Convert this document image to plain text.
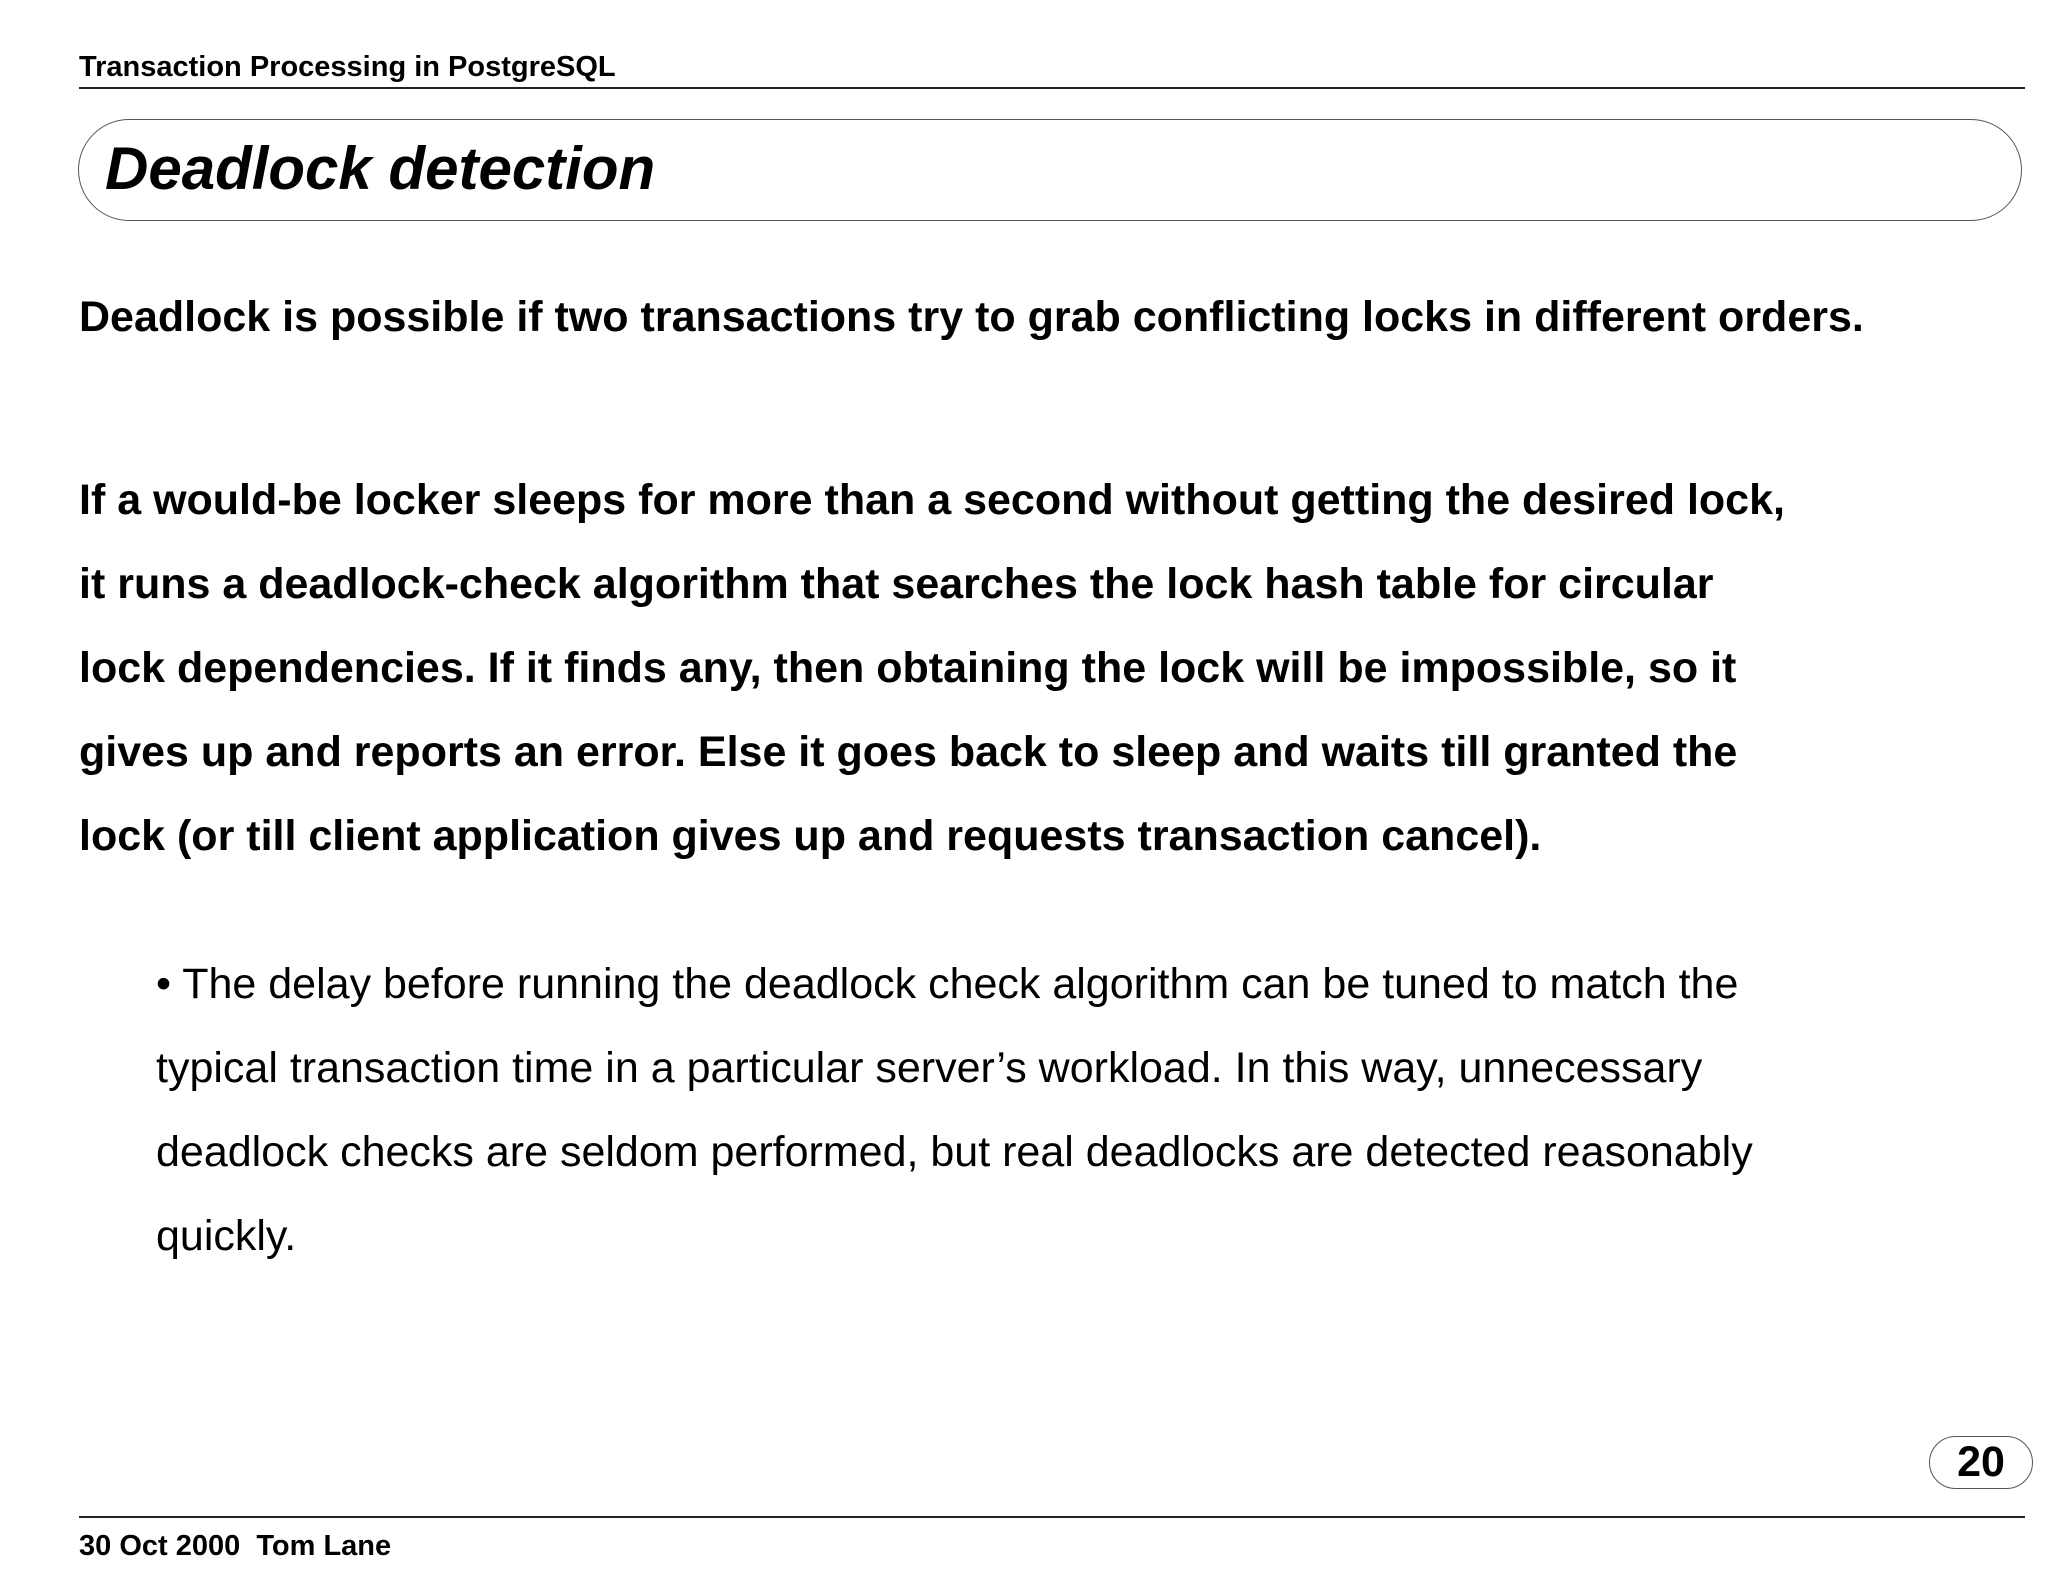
Transaction Processing in PostgreSQL
Deadlock detection
Deadlock is possible if two transactions try to grab conflicting locks in different orders.
If a would-be locker sleeps for more than a second without getting the desired lock,
it runs a deadlock-check algorithm that searches the lock hash table for circular
lock dependencies. If it finds any, then obtaining the lock will be impossible, so it
gives up and reports an error. Else it goes back to sleep and waits till granted the
lock (or till client application gives up and requests transaction cancel).
• The delay before running the deadlock check algorithm can be tuned to match the
typical transaction time in a particular server’s workload. In this way, unnecessary
deadlock checks are seldom performed, but real deadlocks are detected reasonably
quickly.
20
30 Oct 2000  Tom Lane
